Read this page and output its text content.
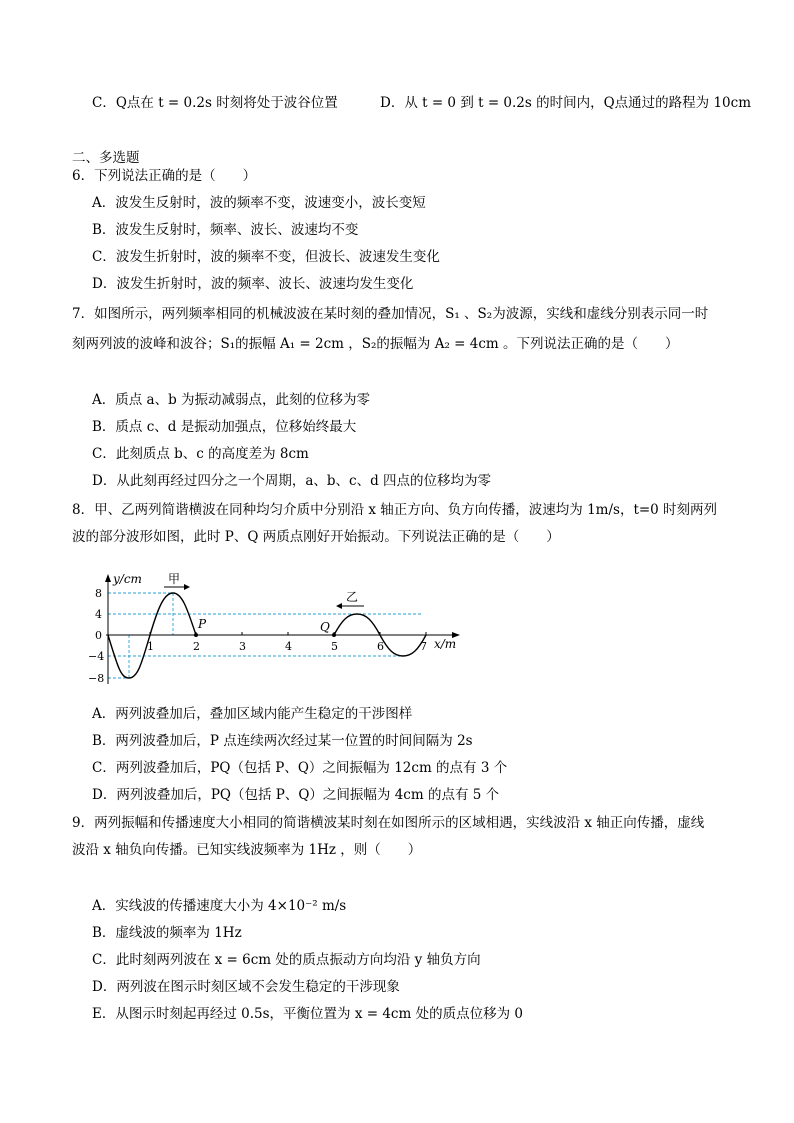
C．Q点在 t = 0.2s 时刻将处于波谷位置	D．从 t = 0 到 t = 0.2s 的时间内，Q点通过的路程为 10cm
二、多选题
6．下列说法正确的是（　　）
A．波发生反射时，波的频率不变，波速变小，波长变短
B．波发生反射时，频率、波长、波速均不变
C．波发生折射时，波的频率不变，但波长、波速发生变化
D．波发生折射时，波的频率、波长、波速均发生变化
7．如图所示，两列频率相同的机械波波在某时刻的叠加情况，S₁ 、S₂为波源，实线和虚线分别表示同一时
刻两列波的波峰和波谷；S₁的振幅 A₁ = 2cm ，S₂的振幅为 A₂ = 4cm 。下列说法正确的是（　　）
A．质点 a、b 为振动减弱点，此刻的位移为零
B．质点 c、d 是振动加强点，位移始终最大
C．此刻质点 b、c 的高度差为 8cm
D．从此刻再经过四分之一个周期，a、b、c、d 四点的位移均为零
8．甲、乙两列简谐横波在同种均匀介质中分别沿 x 轴正方向、负方向传播，波速均为 1m/s，t=0 时刻两列
波的部分波形如图，此时 P、Q 两质点刚好开始振动。下列说法正确的是（　　）
甲
乙
y/cm
x/m
P	Q
8
4
0
−4
−8
1	2	3	4	5	6	7
A．两列波叠加后，叠加区域内能产生稳定的干涉图样
B．两列波叠加后，P 点连续两次经过某一位置的时间间隔为 2s
C．两列波叠加后，PQ（包括 P、Q）之间振幅为 12cm 的点有 3 个
D．两列波叠加后，PQ（包括 P、Q）之间振幅为 4cm 的点有 5 个
9．两列振幅和传播速度大小相同的简谐横波某时刻在如图所示的区域相遇，实线波沿 x 轴正向传播，虚线
波沿 x 轴负向传播。已知实线波频率为 1Hz ，则（　　）
A．实线波的传播速度大小为 4×10⁻² m/s
B．虚线波的频率为 1Hz
C．此时刻两列波在 x = 6cm 处的质点振动方向均沿 y 轴负方向
D．两列波在图示时刻区域不会发生稳定的干涉现象
E．从图示时刻起再经过 0.5s，平衡位置为 x = 4cm 处的质点位移为 0
